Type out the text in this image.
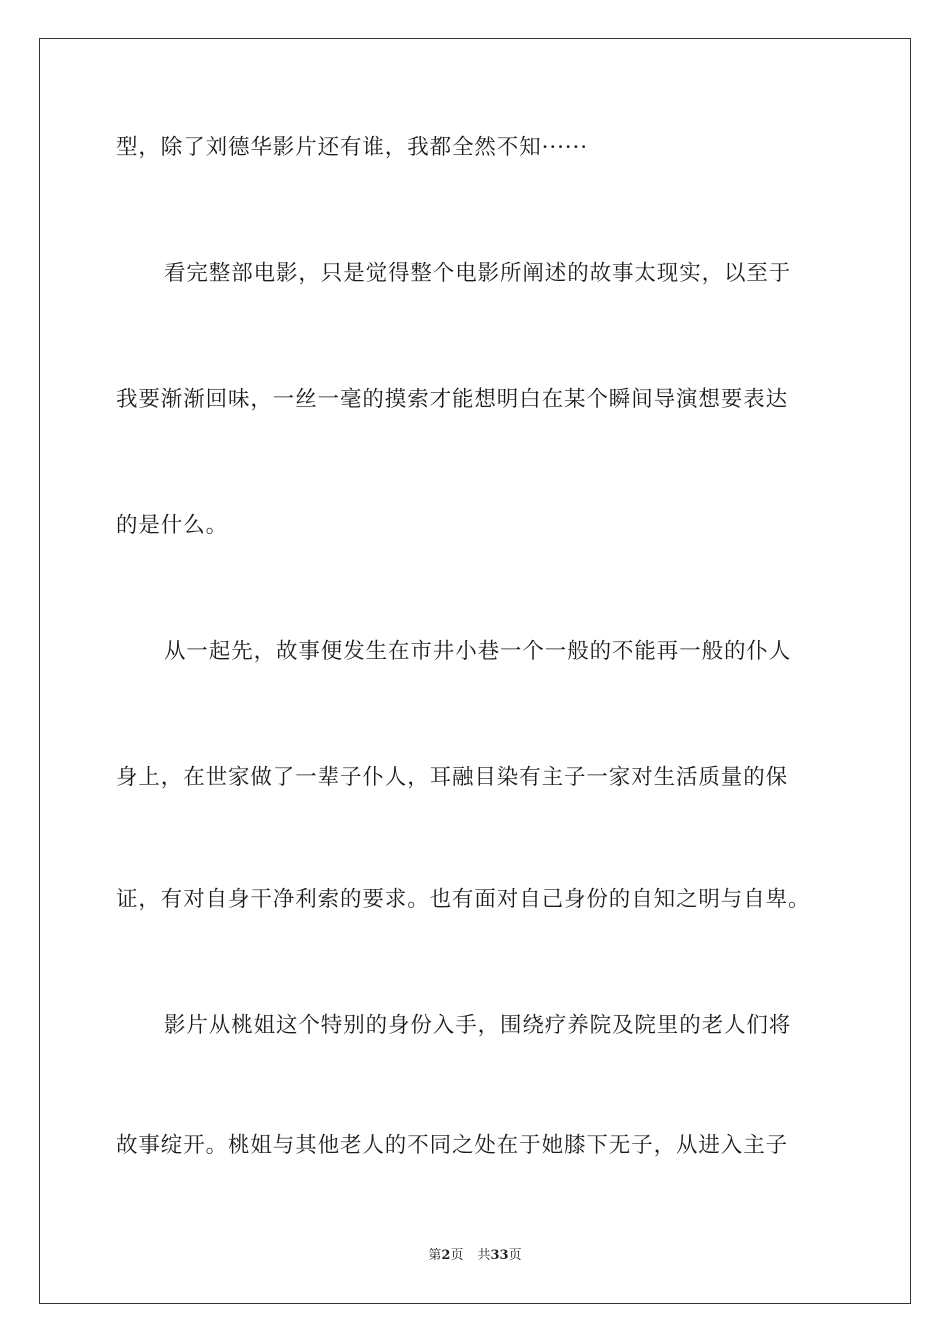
型，除了刘德华影片还有谁，我都全然不知······
看完整部电影，只是觉得整个电影所阐述的故事太现实，以至于
我要渐渐回味，一丝一毫的摸索才能想明白在某个瞬间导演想要表达
的是什么。
从一起先，故事便发生在市井小巷一个一般的不能再一般的仆人
身上，在世家做了一辈子仆人，耳融目染有主子一家对生活质量的保
证，有对自身干净利索的要求。也有面对自己身份的自知之明与自卑。
影片从桃姐这个特别的身份入手，围绕疗养院及院里的老人们将
故事绽开。桃姐与其他老人的不同之处在于她膝下无子，从进入主子
第2页 共33页
